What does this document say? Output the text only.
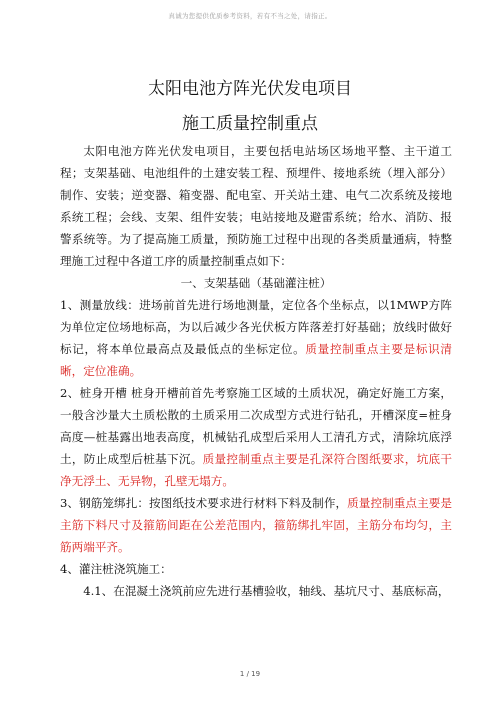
真诚为您提供优质参考资料，若有不当之处，请指正。
太阳电池方阵光伏发电项目
施工质量控制重点

太阳电池方阵光伏发电项目，主要包括电站场区场地平整、主干道工程；支架基础、电池组件的土建安装工程、预埋件、接地系统（埋入部分）制作、安装；逆变器、箱变器、配电室、开关站土建、电气二次系统及接地系统工程；会线、支架、组件安装；电站接地及避雷系统；给水、消防、报警系统等。为了提高施工质量，预防施工过程中出现的各类质量通病，特整理施工过程中各道工序的质量控制重点如下：

一、支架基础（基础灌注桩）

1、测量放线：进场前首先进行场地测量，定位各个坐标点，以1MWP方阵为单位定位场地标高，为以后减少各光伏板方阵落差打好基础；放线时做好标记，将本单位最高点及最低点的坐标定位。质量控制重点主要是标识清晰，定位准确。

2、桩身开槽 桩身开槽前首先考察施工区域的土质状况，确定好施工方案，一般含沙量大土质松散的土质采用二次成型方式进行钻孔，开槽深度=桩身高度—桩基露出地表高度，机械钻孔成型后采用人工清孔方式，清除坑底浮土，防止成型后桩基下沉。质量控制重点主要是孔深符合图纸要求，坑底干净无浮土、无异物，孔壁无塌方。

3、钢筋笼绑扎：按图纸技术要求进行材料下料及制作，质量控制重点主要是主筋下料尺寸及箍筋间距在公差范围内，箍筋绑扎牢固，主筋分布均匀，主筋两端平齐。

4、灌注桩浇筑施工：

4.1、在混凝土浇筑前应先进行基槽验收，轴线、基坑尺寸、基底标高，

1 / 19
